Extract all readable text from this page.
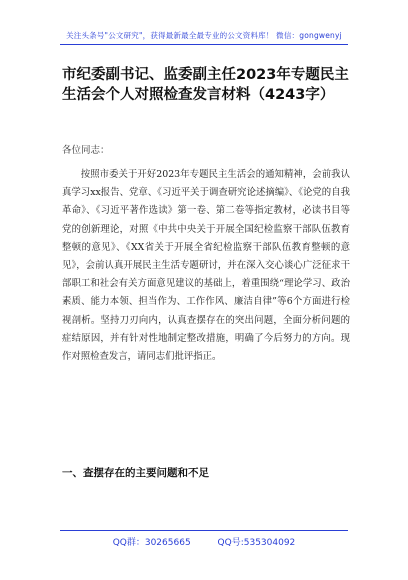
关注头条号"公文研究"，获得最新最全最专业的公文资料库！ 微信：gongwenyj
市纪委副书记、监委副主任2023年专题民主生活会个人对照检查发言材料（4243字）
各位同志：

按照市委关于开好2023年专题民主生活会的通知精神，会前我认真学习xx报告、党章、《习近平关于调查研究论述摘编》、《论党的自我革命》、《习近平著作选读》第一卷、第二卷等指定教材，必读书目等党的创新理论，对照《中共中央关于开展全国纪检监察干部队伍教育整顿的意见》、《XX省关于开展全省纪检监察干部队伍教育整顿的意见》，会前认真开展民主生活专题研讨，并在深入交心谈心广泛征求干部职工和社会有关方面意见建议的基础上，着重围绕“理论学习、政治素质、能力本领、担当作为、工作作风、廉洁自律”等6个方面进行检视剖析。坚持刀刃向内，认真查摆存在的突出问题，全面分析问题的症结原因，并有针对性地制定整改措施，明确了今后努力的方向。现作对照检查发言，请同志们批评指正。

一、查摆存在的主要问题和不足
QQ群：30265665	QQ号:535304092
